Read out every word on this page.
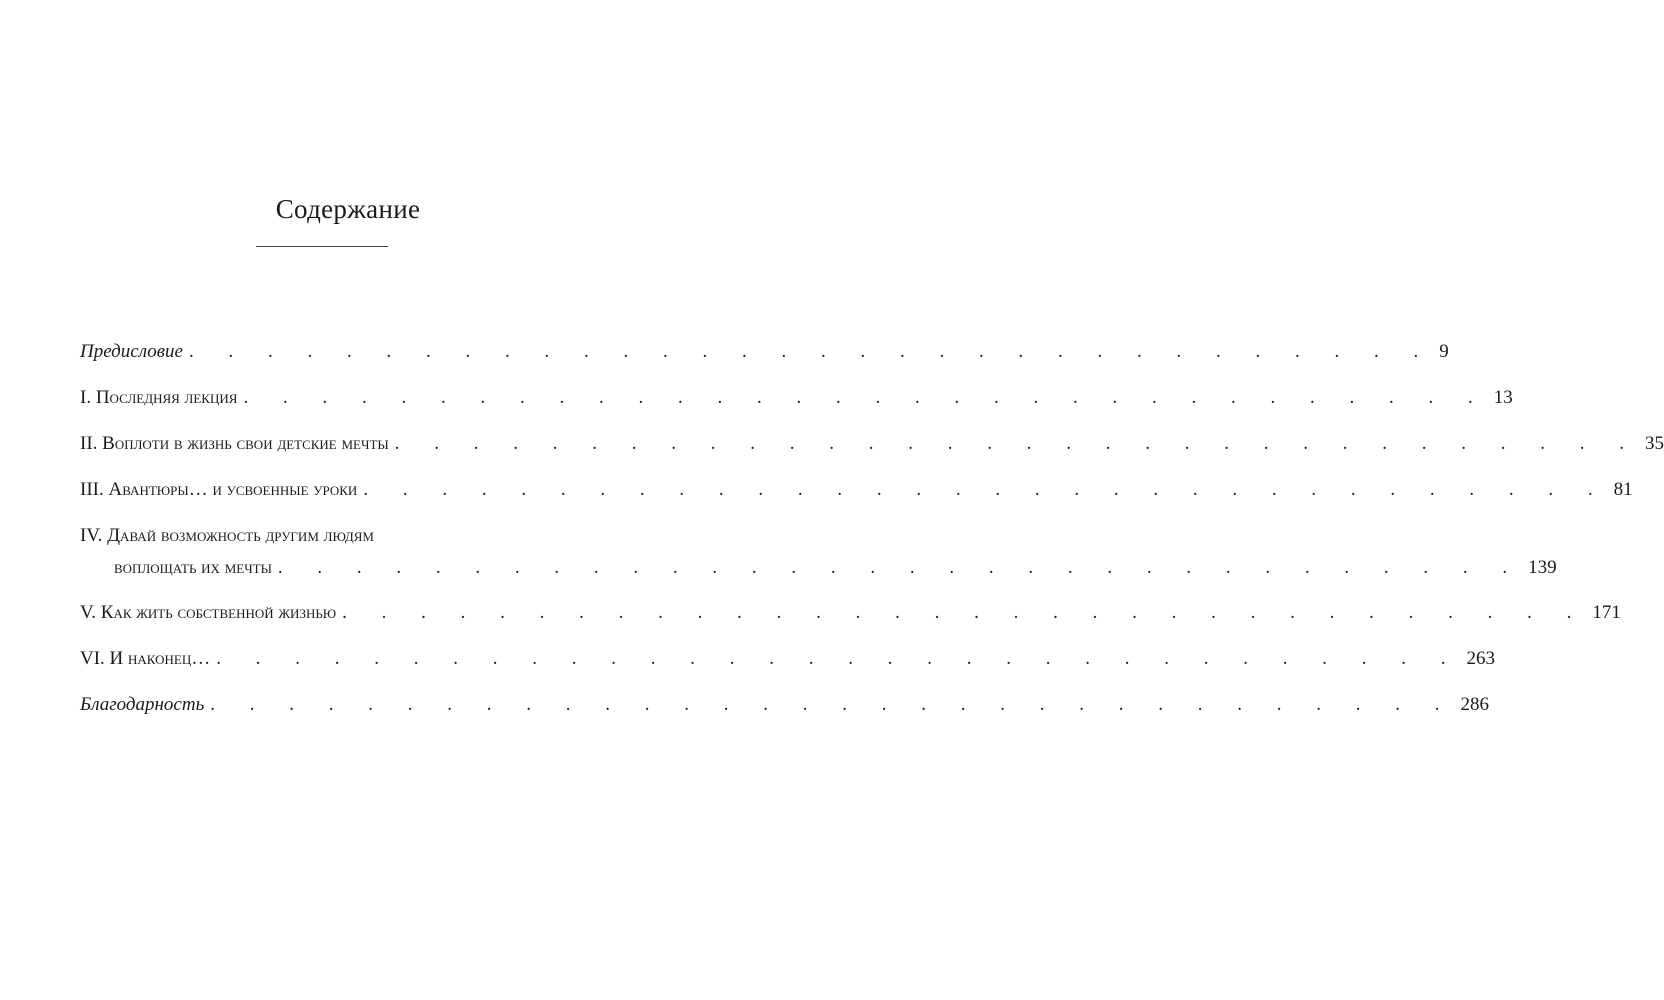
Содержание
Предисловие . . . . . . . . . . . . . . . . . . . . . . . . . . . . . . . . 9
I. Последняя лекция . . . . . . . . . . . . . . . . . . . . . . . . . . . . . . . . 13
II. Воплоти в жизнь свои детские мечты . . . . . . . . . . . . . . . . . . . . . . . . . . . . . . . . 35
III. Авантюры… и усвоенные уроки . . . . . . . . . . . . . . . . . . . . . . . . . . . . . . . . 81
IV. Давай возможность другим людям
воплощать их мечты . . . . . . . . . . . . . . . . . . . . . . . . . . . . . . . . 139
V. Как жить собственной жизнью . . . . . . . . . . . . . . . . . . . . . . . . . . . . . . . . 171
VI. И наконец… . . . . . . . . . . . . . . . . . . . . . . . . . . . . . . . . 263
Благодарность . . . . . . . . . . . . . . . . . . . . . . . . . . . . . . . . 286
